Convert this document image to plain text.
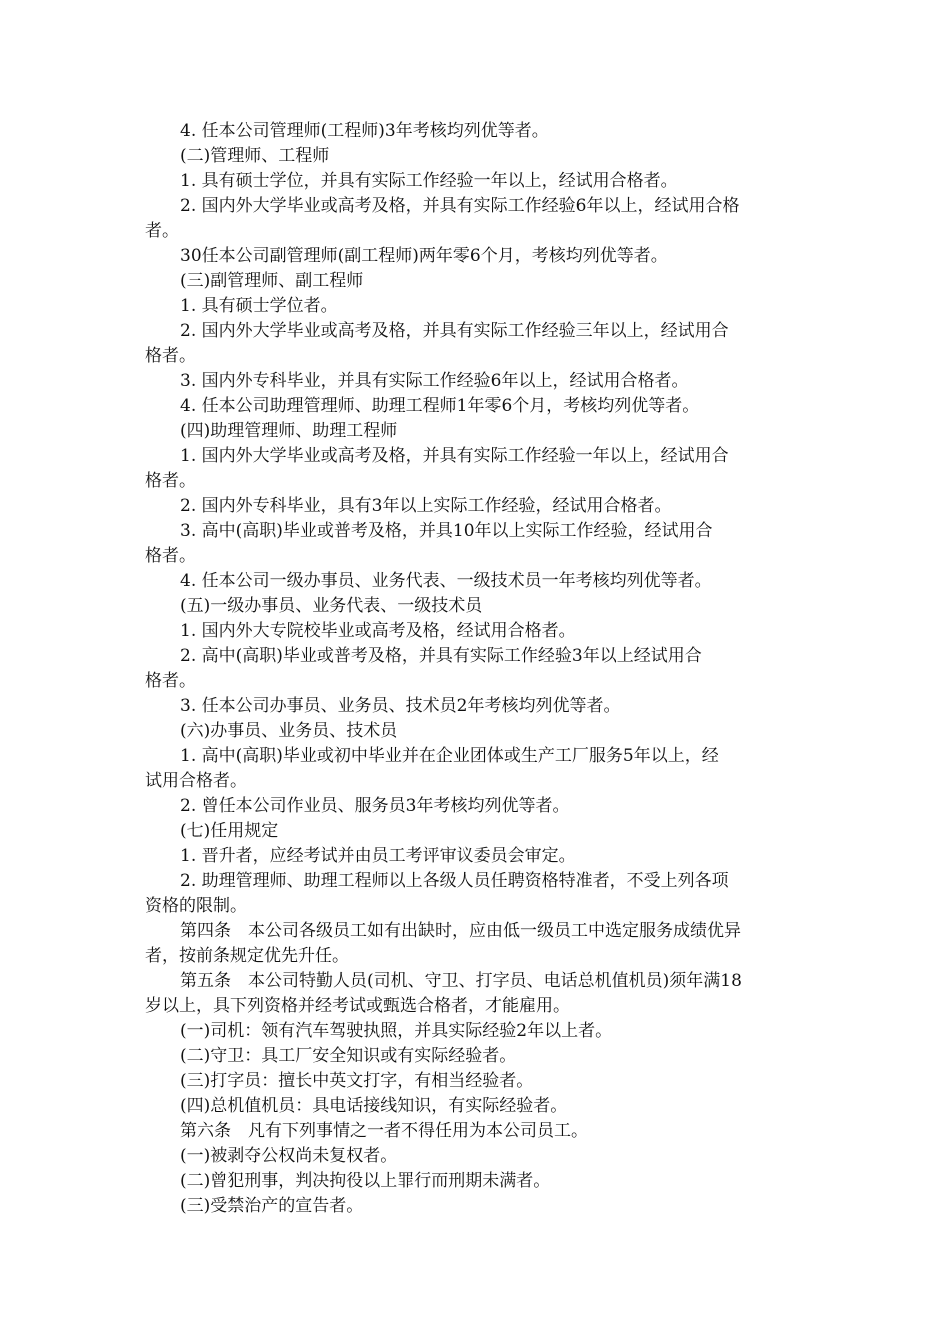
4. 任本公司管理师(工程师)3年考核均列优等者。
(二)管理师、工程师
1. 具有硕士学位，并具有实际工作经验一年以上，经试用合格者。
2. 国内外大学毕业或高考及格，并具有实际工作经验6年以上，经试用合格
者。
30任本公司副管理师(副工程师)两年零6个月，考核均列优等者。
(三)副管理师、副工程师
1. 具有硕士学位者。
2. 国内外大学毕业或高考及格，并具有实际工作经验三年以上，经试用合
格者。
3. 国内外专科毕业，并具有实际工作经验6年以上，经试用合格者。
4. 任本公司助理管理师、助理工程师1年零6个月，考核均列优等者。
(四)助理管理师、助理工程师
1. 国内外大学毕业或高考及格，并具有实际工作经验一年以上，经试用合
格者。
2. 国内外专科毕业，具有3年以上实际工作经验，经试用合格者。
3. 高中(高职)毕业或普考及格，并具10年以上实际工作经验，经试用合
格者。
4. 任本公司一级办事员、业务代表、一级技术员一年考核均列优等者。
(五)一级办事员、业务代表、一级技术员
1. 国内外大专院校毕业或高考及格，经试用合格者。
2. 高中(高职)毕业或普考及格，并具有实际工作经验3年以上经试用合
格者。
3. 任本公司办事员、业务员、技术员2年考核均列优等者。
(六)办事员、业务员、技术员
1. 高中(高职)毕业或初中毕业并在企业团体或生产工厂服务5年以上，经
试用合格者。
2. 曾任本公司作业员、服务员3年考核均列优等者。
(七)任用规定
1. 晋升者，应经考试并由员工考评审议委员会审定。
2. 助理管理师、助理工程师以上各级人员任聘资格特准者，不受上列各项
资格的限制。
第四条　本公司各级员工如有出缺时，应由低一级员工中选定服务成绩优异
者，按前条规定优先升任。
第五条　本公司特勤人员(司机、守卫、打字员、电话总机值机员)须年满18
岁以上，具下列资格并经考试或甄选合格者，才能雇用。
(一)司机：领有汽车驾驶执照，并具实际经验2年以上者。
(二)守卫：具工厂安全知识或有实际经验者。
(三)打字员：擅长中英文打字，有相当经验者。
(四)总机值机员：具电话接线知识，有实际经验者。
第六条　凡有下列事情之一者不得任用为本公司员工。
(一)被剥夺公权尚未复权者。
(二)曾犯刑事，判决拘役以上罪行而刑期未满者。
(三)受禁治产的宣告者。
